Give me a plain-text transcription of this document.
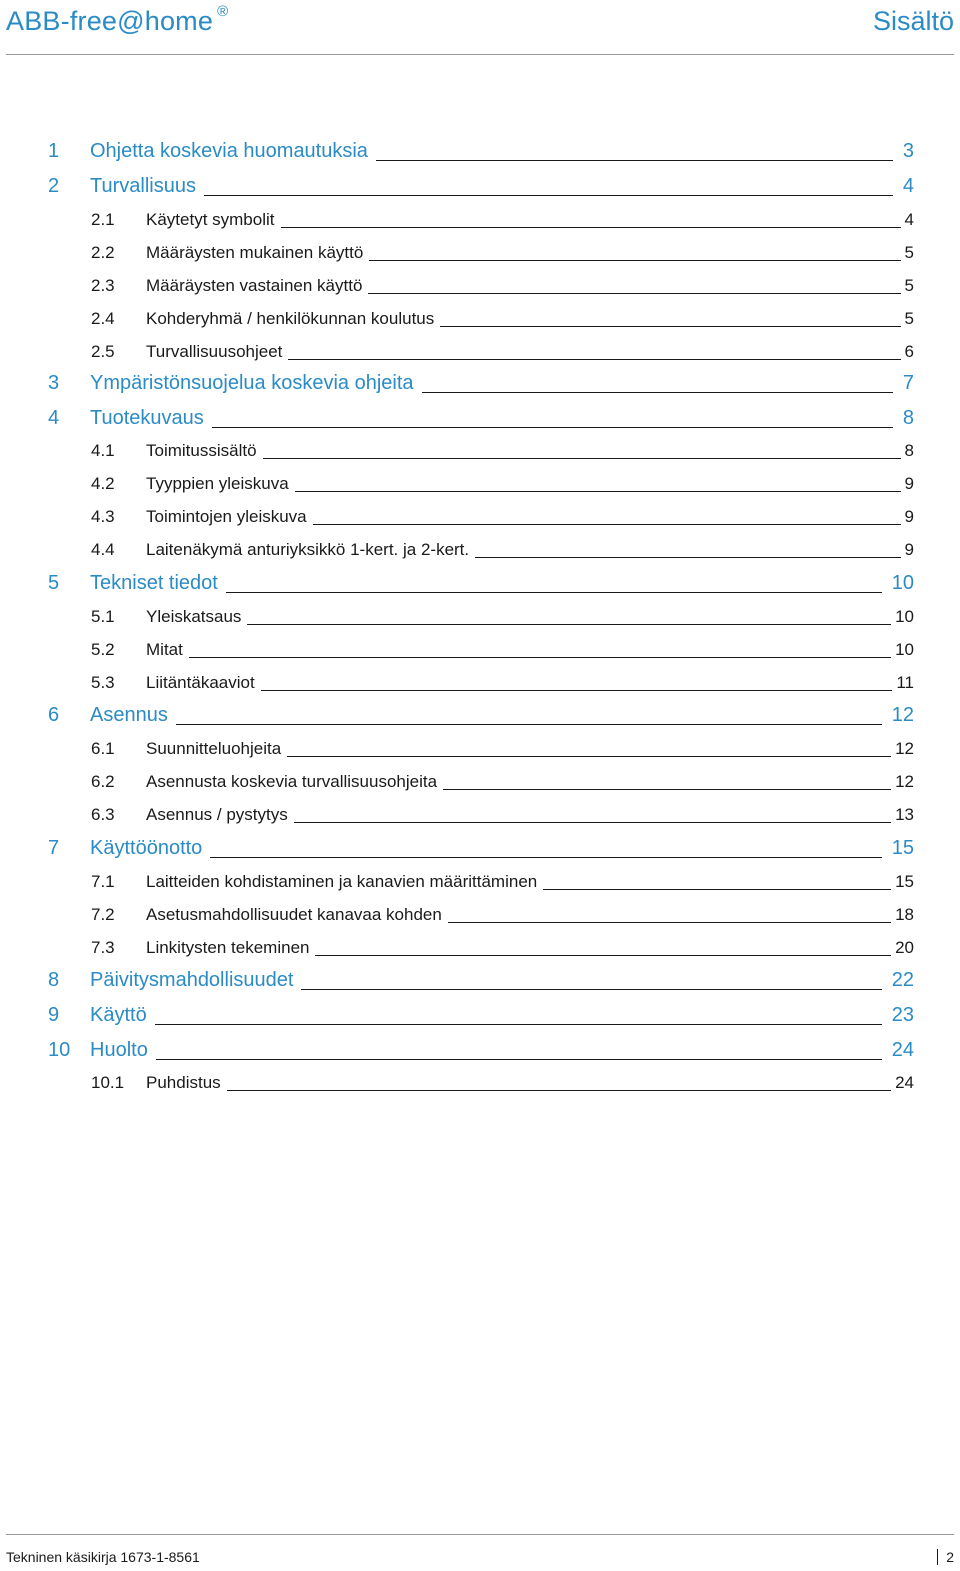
ABB-free@home ®	Sisältö
1 Ohjetta koskevia huomautuksia	3
2 Turvallisuus	4
2.1 Käytetyt symbolit	4
2.2 Määräysten mukainen käyttö	5
2.3 Määräysten vastainen käyttö	5
2.4 Kohderyhmä / henkilökunnan koulutus	5
2.5 Turvallisuusohjeet	6
3 Ympäristönsuojelua koskevia ohjeita	7
4 Tuotekuvaus	8
4.1 Toimitussisältö	8
4.2 Tyyppien yleiskuva	9
4.3 Toimintojen yleiskuva	9
4.4 Laitenäkymä anturiyksikkö 1-kert. ja 2-kert.	9
5 Tekniset tiedot	10
5.1 Yleiskatsaus	10
5.2 Mitat	10
5.3 Liitäntäkaaviot	11
6 Asennus	12
6.1 Suunnitteluohjeita	12
6.2 Asennusta koskevia turvallisuusohjeita	12
6.3 Asennus / pystytys	13
7 Käyttöönotto	15
7.1 Laitteiden kohdistaminen ja kanavien määrittäminen	15
7.2 Asetusmahdollisuudet kanavaa kohden	18
7.3 Linkitysten tekeminen	20
8 Päivitysmahdollisuudet	22
9 Käyttö	23
10 Huolto	24
10.1 Puhdistus	24
Tekninen käsikirja 1673-1-8561	2
